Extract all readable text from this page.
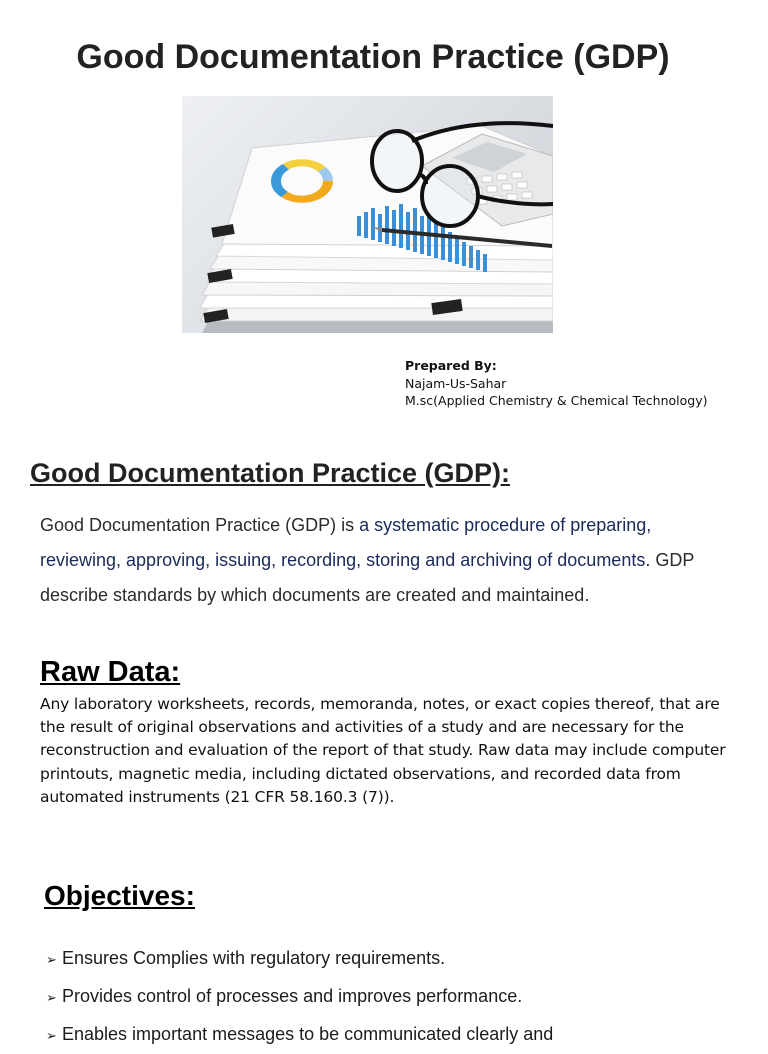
Good Documentation Practice (GDP)
Prepared By:
Najam-Us-Sahar
M.sc(Applied Chemistry & Chemical Technology)
Good Documentation Practice (GDP):
Good Documentation Practice (GDP) is a systematic procedure of preparing, reviewing, approving, issuing, recording, storing and archiving of documents. GDP describe standards by which documents are created and maintained.
Raw Data:
Any laboratory worksheets, records, memoranda, notes, or exact copies thereof, that are the result of original observations and activities of a study and are necessary for the reconstruction and evaluation of the report of that study. Raw data may include computer printouts, magnetic media, including dictated observations, and recorded data from automated instruments (21 CFR 58.160.3 (7)).
Objectives:
➢ Ensures Complies with regulatory requirements.
➢ Provides control of processes and improves performance.
➢ Enables important messages to be communicated clearly and
